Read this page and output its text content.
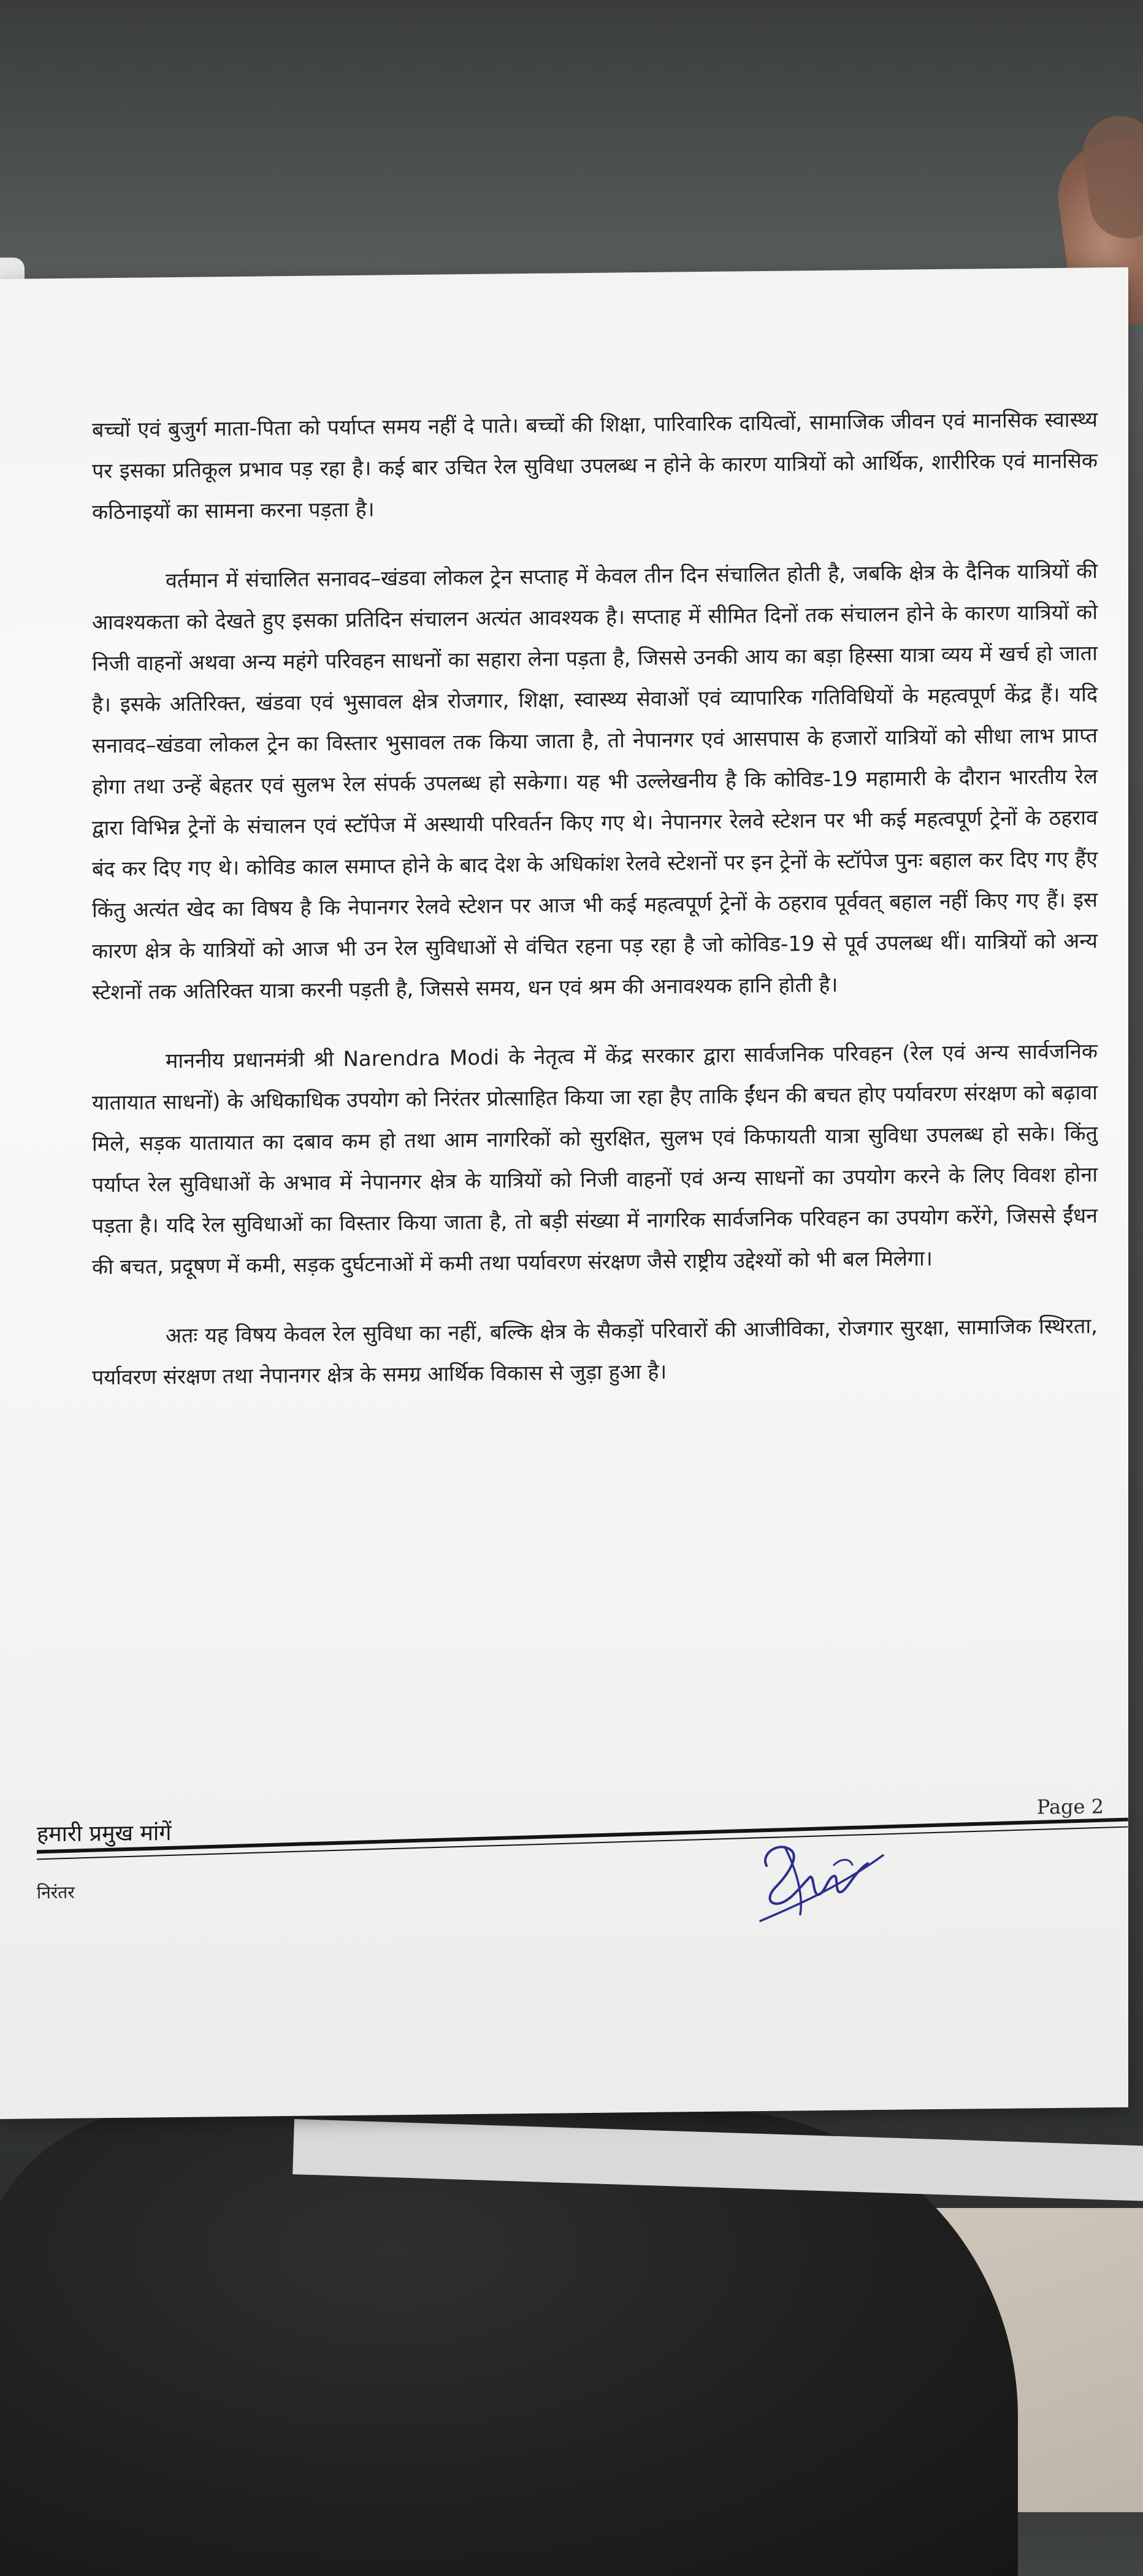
बच्चों एवं बुजुर्ग माता-पिता को पर्याप्त समय नहीं दे पाते। बच्चों की शिक्षा, पारिवारिक दायित्वों, सामाजिक जीवन एवं मानसिक स्वास्थ्य पर इसका प्रतिकूल प्रभाव पड़ रहा है। कई बार उचित रेल सुविधा उपलब्ध न होने के कारण यात्रियों को आर्थिक, शारीरिक एवं मानसिक कठिनाइयों का सामना करना पड़ता है।

वर्तमान में संचालित सनावद–खंडवा लोकल ट्रेन सप्ताह में केवल तीन दिन संचालित होती है, जबकि क्षेत्र के दैनिक यात्रियों की आवश्यकता को देखते हुए इसका प्रतिदिन संचालन अत्यंत आवश्यक है। सप्ताह में सीमित दिनों तक संचालन होने के कारण यात्रियों को निजी वाहनों अथवा अन्य महंगे परिवहन साधनों का सहारा लेना पड़ता है, जिससे उनकी आय का बड़ा हिस्सा यात्रा व्यय में खर्च हो जाता है। इसके अतिरिक्त, खंडवा एवं भुसावल क्षेत्र रोजगार, शिक्षा, स्वास्थ्य सेवाओं एवं व्यापारिक गतिविधियों के महत्वपूर्ण केंद्र हैं। यदि सनावद–खंडवा लोकल ट्रेन का विस्तार भुसावल तक किया जाता है, तो नेपानगर एवं आसपास के हजारों यात्रियों को सीधा लाभ प्राप्त होगा तथा उन्हें बेहतर एवं सुलभ रेल संपर्क उपलब्ध हो सकेगा। यह भी उल्लेखनीय है कि कोविड-19 महामारी के दौरान भारतीय रेल द्वारा विभिन्न ट्रेनों के संचालन एवं स्टॉपेज में अस्थायी परिवर्तन किए गए थे। नेपानगर रेलवे स्टेशन पर भी कई महत्वपूर्ण ट्रेनों के ठहराव बंद कर दिए गए थे। कोविड काल समाप्त होने के बाद देश के अधिकांश रेलवे स्टेशनों पर इन ट्रेनों के स्टॉपेज पुनः बहाल कर दिए गए हैंए किंतु अत्यंत खेद का विषय है कि नेपानगर रेलवे स्टेशन पर आज भी कई महत्वपूर्ण ट्रेनों के ठहराव पूर्ववत् बहाल नहीं किए गए हैं। इस कारण क्षेत्र के यात्रियों को आज भी उन रेल सुविधाओं से वंचित रहना पड़ रहा है जो कोविड-19 से पूर्व उपलब्ध थीं। यात्रियों को अन्य स्टेशनों तक अतिरिक्त यात्रा करनी पड़ती है, जिससे समय, धन एवं श्रम की अनावश्यक हानि होती है।

माननीय प्रधानमंत्री श्री Narendra Modi के नेतृत्व में केंद्र सरकार द्वारा सार्वजनिक परिवहन (रेल एवं अन्य सार्वजनिक यातायात साधनों) के अधिकाधिक उपयोग को निरंतर प्रोत्साहित किया जा रहा हैए ताकि ईंधन की बचत होए पर्यावरण संरक्षण को बढ़ावा मिले, सड़क यातायात का दबाव कम हो तथा आम नागरिकों को सुरक्षित, सुलभ एवं किफायती यात्रा सुविधा उपलब्ध हो सके। किंतु पर्याप्त रेल सुविधाओं के अभाव में नेपानगर क्षेत्र के यात्रियों को निजी वाहनों एवं अन्य साधनों का उपयोग करने के लिए विवश होना पड़ता है। यदि रेल सुविधाओं का विस्तार किया जाता है, तो बड़ी संख्या में नागरिक सार्वजनिक परिवहन का उपयोग करेंगे, जिससे ईंधन की बचत, प्रदूषण में कमी, सड़क दुर्घटनाओं में कमी तथा पर्यावरण संरक्षण जैसे राष्ट्रीय उद्देश्यों को भी बल मिलेगा।

अतः यह विषय केवल रेल सुविधा का नहीं, बल्कि क्षेत्र के सैकड़ों परिवारों की आजीविका, रोजगार सुरक्षा, सामाजिक स्थिरता, पर्यावरण संरक्षण तथा नेपानगर क्षेत्र के समग्र आर्थिक विकास से जुड़ा हुआ है।

हमारी प्रमुख मांगें
Page 2
निरंतर
